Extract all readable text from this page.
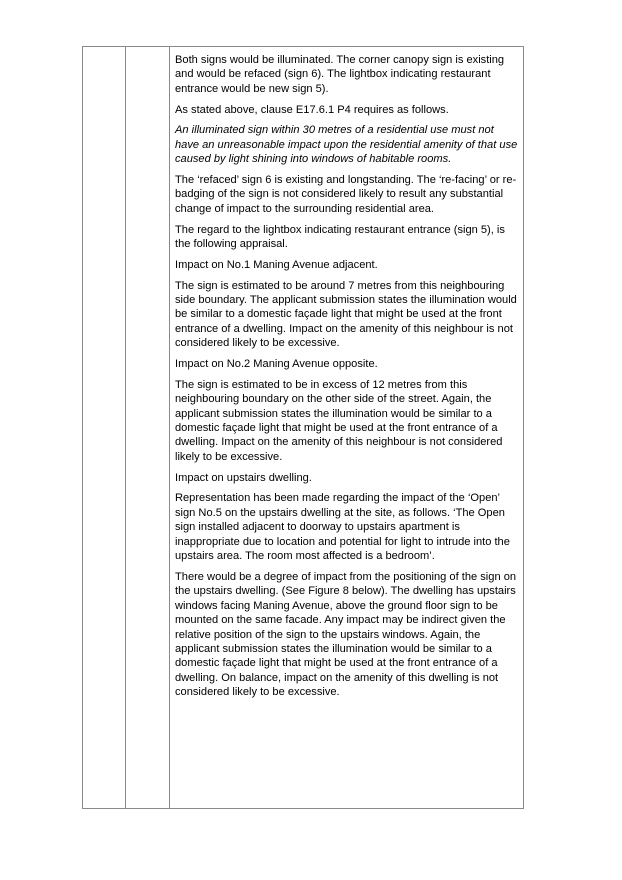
Both signs would be illuminated. The corner canopy sign is existing and would be refaced (sign 6). The lightbox indicating restaurant entrance would be new sign 5).

As stated above, clause E17.6.1 P4 requires as follows.

An illuminated sign within 30 metres of a residential use must not have an unreasonable impact upon the residential amenity of that use caused by light shining into windows of habitable rooms.

The ‘refaced’ sign 6 is existing and longstanding. The ‘re-facing’ or re-badging of the sign is not considered likely to result any substantial change of impact to the surrounding residential area.

The regard to the lightbox indicating restaurant entrance (sign 5), is the following appraisal.

Impact on No.1 Maning Avenue adjacent.

The sign is estimated to be around 7 metres from this neighbouring side boundary. The applicant submission states the illumination would be similar to a domestic façade light that might be used at the front entrance of a dwelling. Impact on the amenity of this neighbour is not considered likely to be excessive.

Impact on No.2 Maning Avenue opposite.

The sign is estimated to be in excess of 12 metres from this neighbouring boundary on the other side of the street. Again, the applicant submission states the illumination would be similar to a domestic façade light that might be used at the front entrance of a dwelling. Impact on the amenity of this neighbour is not considered likely to be excessive.

Impact on upstairs dwelling.

Representation has been made regarding the impact of the ‘Open’ sign No.5 on the upstairs dwelling at the site, as follows. ‘The Open sign installed adjacent to doorway to upstairs apartment is inappropriate due to location and potential for light to intrude into the upstairs area. The room most affected is a bedroom’.

There would be a degree of impact from the positioning of the sign on the upstairs dwelling. (See Figure 8 below). The dwelling has upstairs windows facing Maning Avenue, above the ground floor sign to be mounted on the same facade. Any impact may be indirect given the relative position of the sign to the upstairs windows. Again, the applicant submission states the illumination would be similar to a domestic façade light that might be used at the front entrance of a dwelling. On balance, impact on the amenity of this dwelling is not considered likely to be excessive.
